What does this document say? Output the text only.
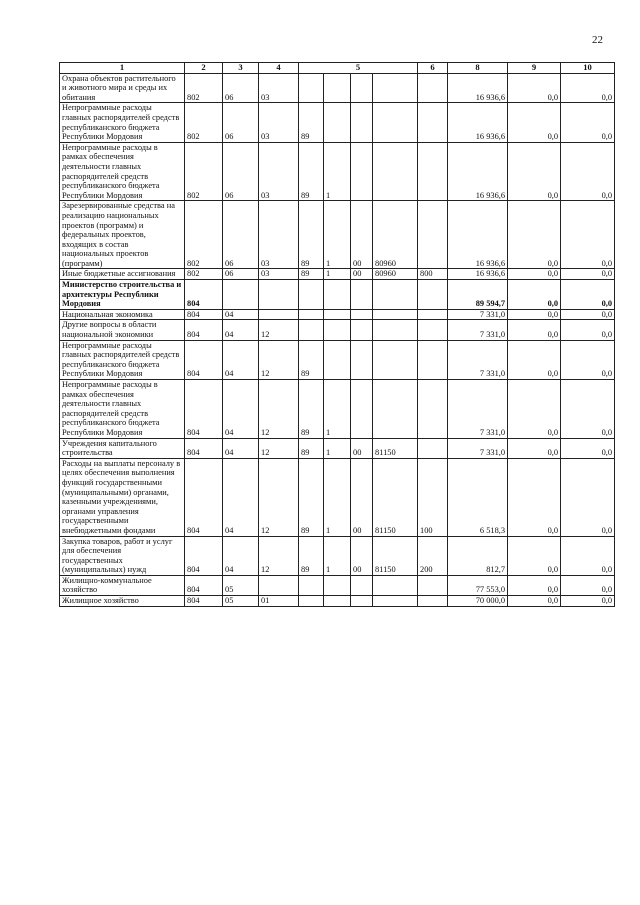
22
1	2	3	4	5				6	8	9	10
Охрана объектов растительного и животного мира и среды их обитания	802	06	03						16 936,6	0,0	0,0
Непрограммные расходы главных распорядителей средств республиканского бюджета Республики Мордовия	802	06	03	89					16 936,6	0,0	0,0
Непрограммные расходы в рамках обеспечения деятельности главных распорядителей средств республиканского бюджета Республики Мордовия	802	06	03	89	1				16 936,6	0,0	0,0
Зарезервированные средства на реализацию национальных проектов (программ) и федеральных проектов, входящих в состав национальных проектов (программ)	802	06	03	89	1	00	80960		16 936,6	0,0	0,0
Иные бюджетные ассигнования	802	06	03	89	1	00	80960	800	16 936,6	0,0	0,0
Министерство строительства и архитектуры Республики Мордовия	804								89 594,7	0,0	0,0
Национальная экономика	804	04							7 331,0	0,0	0,0
Другие вопросы в области национальной экономики	804	04	12						7 331,0	0,0	0,0
Непрограммные расходы главных распорядителей средств республиканского бюджета Республики Мордовия	804	04	12	89					7 331,0	0,0	0,0
Непрограммные расходы в рамках обеспечения деятельности главных распорядителей средств республиканского бюджета Республики Мордовия	804	04	12	89	1				7 331,0	0,0	0,0
Учреждения капитального строительства	804	04	12	89	1	00	81150		7 331,0	0,0	0,0
Расходы на выплаты персоналу в целях обеспечения выполнения функций государственными (муниципальными) органами, казенными учреждениями, органами управления государственными внебюджетными фондами	804	04	12	89	1	00	81150	100	6 518,3	0,0	0,0
Закупка товаров, работ и услуг для обеспечения государственных (муниципальных) нужд	804	04	12	89	1	00	81150	200	812,7	0,0	0,0
Жилищно-коммунальное хозяйство	804	05							77 553,0	0,0	0,0
Жилищное хозяйство	804	05	01						70 000,0	0,0	0,0
